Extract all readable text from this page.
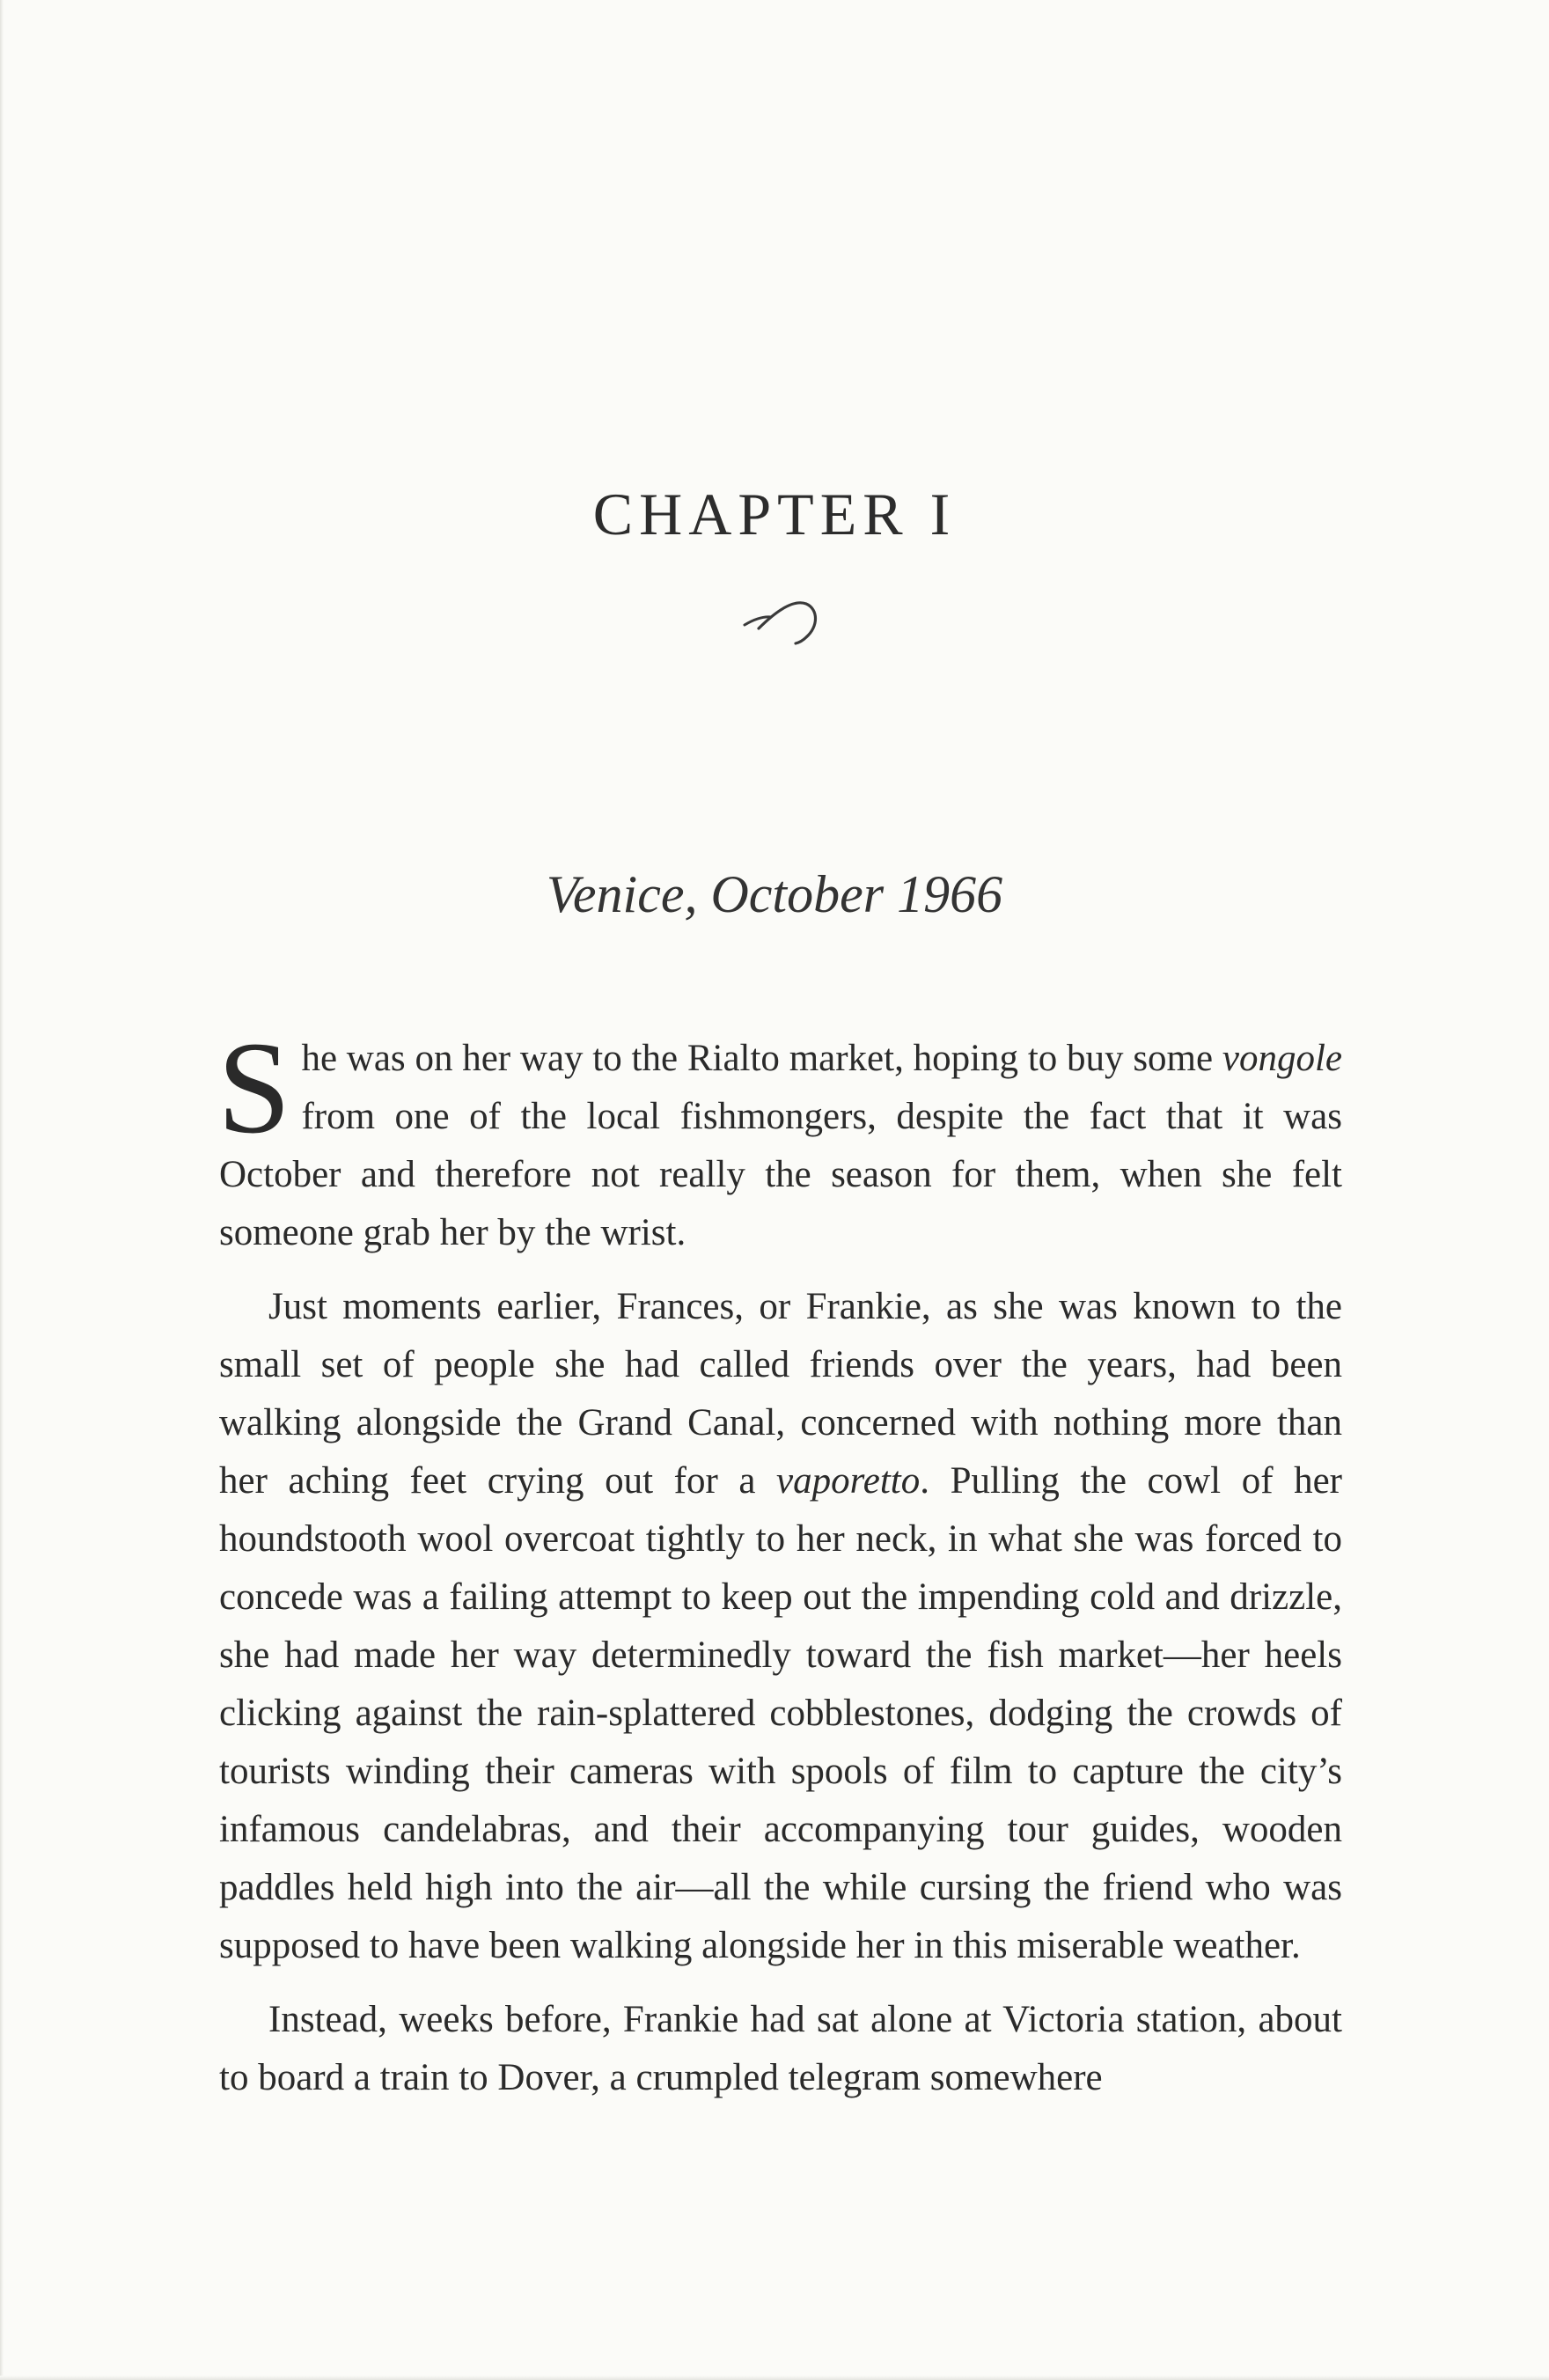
CHAPTER I

Venice, October 1966

She was on her way to the Rialto market, hoping to buy some vongole from one of the local fishmongers, despite the fact that it was October and therefore not really the season for them, when she felt someone grab her by the wrist.

Just moments earlier, Frances, or Frankie, as she was known to the small set of people she had called friends over the years, had been walking alongside the Grand Canal, concerned with nothing more than her aching feet crying out for a vaporetto. Pulling the cowl of her houndstooth wool overcoat tightly to her neck, in what she was forced to concede was a failing attempt to keep out the impending cold and drizzle, she had made her way determinedly toward the fish market—her heels clicking against the rain-splattered cobblestones, dodging the crowds of tourists winding their cameras with spools of film to capture the city’s infamous candelabras, and their accompanying tour guides, wooden paddles held high into the air—all the while cursing the friend who was supposed to have been walking alongside her in this miserable weather.

Instead, weeks before, Frankie had sat alone at Victoria station, about to board a train to Dover, a crumpled telegram somewhere
